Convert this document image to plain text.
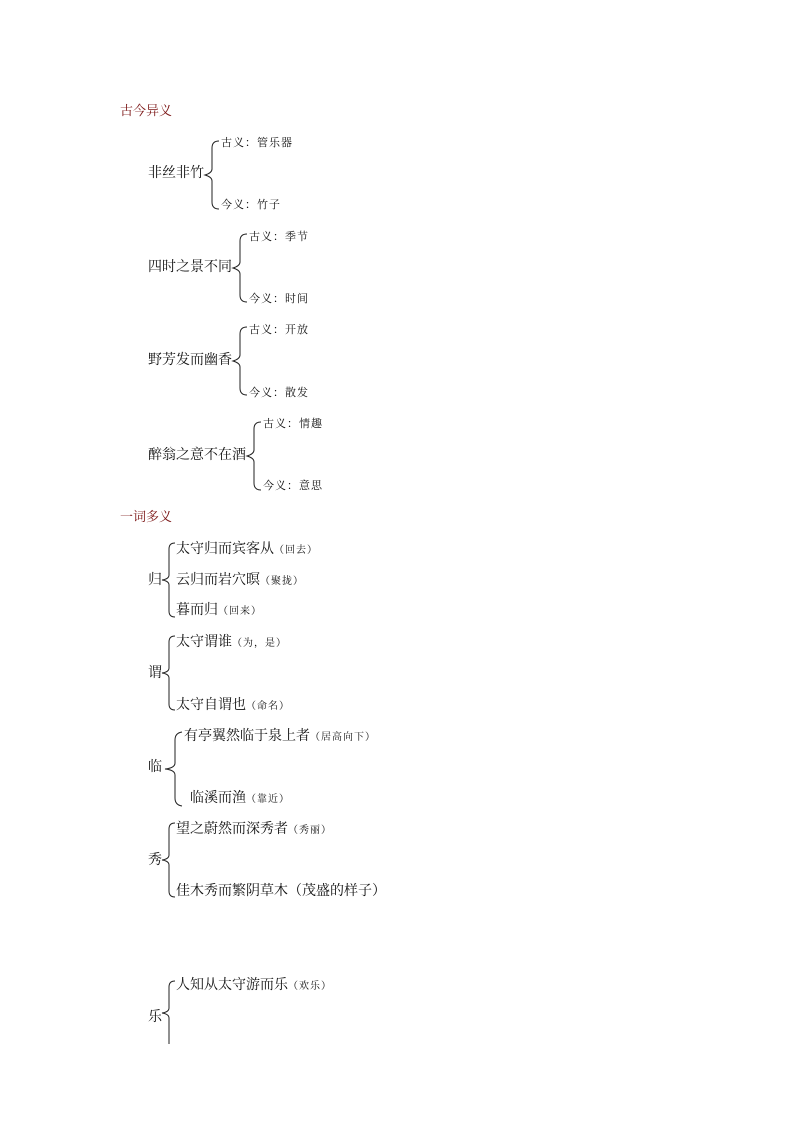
古今异义
非丝非竹
古义：管乐器
今义：竹子
四时之景不同
古义：季节
今义：时间
野芳发而幽香
古义：开放
今义：散发
醉翁之意不在酒
古义：情趣
今义：意思
一词多义
归
太守归而宾客从（回去）
云归而岩穴暝（聚拢）
暮而归（回来）
谓
太守谓谁（为，是）
太守自谓也（命名）
临
有亭翼然临于泉上者（居高向下）
临溪而渔（靠近）
秀
望之蔚然而深秀者（秀丽）
佳木秀而繁阴草木（茂盛的样子）
乐
人知从太守游而乐（欢乐）
